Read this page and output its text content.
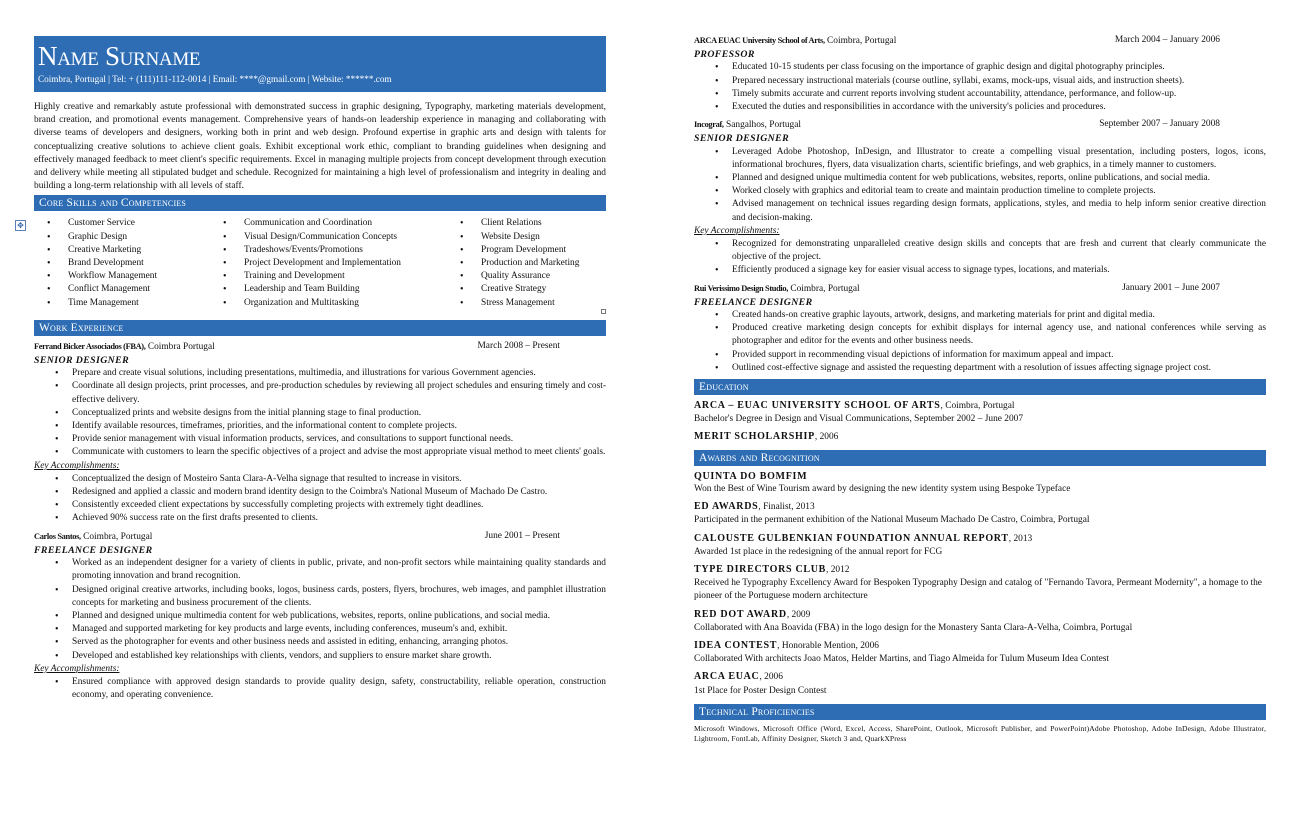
Name Surname
Coimbra, Portugal | Tel: + (111)111-112-0014 | Email: ****@gmail.com | Website: ******.com

Highly creative and remarkably astute professional with demonstrated success in graphic designing, Typography, marketing materials development, brand creation, and promotional events management. Comprehensive years of hands-on leadership experience in managing and collaborating with diverse teams of developers and designers, working both in print and web design. Profound expertise in graphic arts and design with talents for conceptualizing creative solutions to achieve client goals. Exhibit exceptional work ethic, compliant to branding guidelines when designing and effectively managed feedback to meet client's specific requirements. Excel in managing multiple projects from concept development through execution and delivery while meeting all stipulated budget and schedule. Recognized for maintaining a high level of professionalism and integrity in dealing and building a long-term relationship with all levels of staff.

Core Skills and Competencies
✥
•	Customer Service
• Graphic Design
• Creative Marketing
• Brand Development
• Workflow Management
• Conflict Management
• Time Management
• Communication and Coordination
• Visual Design/Communication Concepts
• Tradeshows/Events/Promotions
• Project Development and Implementation
• Training and Development
• Leadership and Team Building
• Organization and Multitasking
• Client Relations
• Website Design
• Program Development
• Production and Marketing
• Quality Assurance
• Creative Strategy
• Stress Management
Work Experience
Ferrand Bicker Associados (FBA), Coimbra Portugal	March 2008 – Present
SENIOR DESIGNER
• Prepare and create visual solutions, including presentations, multimedia, and illustrations for various Government agencies.
• Coordinate all design projects, print processes, and pre-production schedules by reviewing all project schedules and ensuring timely and cost-effective delivery.
• Conceptualized prints and website designs from the initial planning stage to final production.
• Identify available resources, timeframes, priorities, and the informational content to complete projects.
• Provide senior management with visual information products, services, and consultations to support functional needs.
• Communicate with customers to learn the specific objectives of a project and advise the most appropriate visual method to meet clients' goals.
Key Accomplishments:
• Conceptualized the design of Mosteiro Santa Clara-A-Velha signage that resulted to increase in visitors.
• Redesigned and applied a classic and modern brand identity design to the Coimbra's National Museum of Machado De Castro.
• Consistently exceeded client expectations by successfully completing projects with extremely tight deadlines.
• Achieved 90% success rate on the first drafts presented to clients.
Carlos Santos, Coimbra, Portugal	June 2001 – Present
FREELANCE DESIGNER
• Worked as an independent designer for a variety of clients in public, private, and non-profit sectors while maintaining quality standards and promoting innovation and brand recognition.
• Designed original creative artworks, including books, logos, business cards, posters, flyers, brochures, web images, and pamphlet illustration concepts for marketing and business procurement of the clients.
• Planned and designed unique multimedia content for web publications, websites, reports, online publications, and social media.
• Managed and supported marketing for key products and large events, including conferences, museum's and, exhibit.
• Served as the photographer for events and other business needs and assisted in editing, enhancing, arranging photos.
• Developed and established key relationships with clients, vendors, and suppliers to ensure market share growth.
Key Accomplishments:
• Ensured compliance with approved design standards to provide quality design, safety, constructability, reliable operation, construction economy, and operating convenience.
ARCA EUAC University School of Arts, Coimbra, Portugal	March 2004 – January 2006
PROFESSOR
• Educated 10-15 students per class focusing on the importance of graphic design and digital photography principles.
• Prepared necessary instructional materials (course outline, syllabi, exams, mock-ups, visual aids, and instruction sheets).
• Timely submits accurate and current reports involving student accountability, attendance, performance, and follow-up.
• Executed the duties and responsibilities in accordance with the university's policies and procedures.
Incograf, Sangalhos, Portugal	September 2007 – January 2008
SENIOR DESIGNER
• Leveraged Adobe Photoshop, InDesign, and Illustrator to create a compelling visual presentation, including posters, logos, icons, informational brochures, flyers, data visualization charts, scientific briefings, and web graphics, in a timely manner to customers.
• Planned and designed unique multimedia content for web publications, websites, reports, online publications, and social media.
• Worked closely with graphics and editorial team to create and maintain production timeline to complete projects.
• Advised management on technical issues regarding design formats, applications, styles, and media to help inform senior creative direction and decision-making.
Key Accomplishments:
• Recognized for demonstrating unparalleled creative design skills and concepts that are fresh and current that clearly communicate the objective of the project.
• Efficiently produced a signage key for easier visual access to signage types, locations, and materials.
Rui Verissimo Design Studio, Coimbra, Portugal	January 2001 – June 2007
FREELANCE DESIGNER
• Created hands-on creative graphic layouts, artwork, designs, and marketing materials for print and digital media.
• Produced creative marketing design concepts for exhibit displays for internal agency use, and national conferences while serving as photographer and editor for the events and other business needs.
• Provided support in recommending visual depictions of information for maximum appeal and impact.
• Outlined cost-effective signage and assisted the requesting department with a resolution of issues affecting signage project cost.
Education
ARCA – EUAC UNIVERSITY SCHOOL OF ARTS, Coimbra, Portugal
Bachelor's Degree in Design and Visual Communications, September 2002 – June 2007
MERIT SCHOLARSHIP, 2006
Awards and Recognition
QUINTA DO BOMFIM
Won the Best of Wine Tourism award by designing the new identity system using Bespoke Typeface
ED AWARDS, Finalist, 2013
Participated in the permanent exhibition of the National Museum Machado De Castro, Coimbra, Portugal
CALOUSTE GULBENKIAN FOUNDATION ANNUAL REPORT, 2013
Awarded 1st place in the redesigning of the annual report for FCG
TYPE DIRECTORS CLUB, 2012
Received he Typography Excellency Award for Bespoken Typography Design and catalog of "Fernando Tavora, Permeant Modernity", a homage to the pioneer of the Portuguese modern architecture
RED DOT AWARD, 2009
Collaborated with Ana Boavida (FBA) in the logo design for the Monastery Santa Clara-A-Velha, Coimbra, Portugal
IDEA CONTEST, Honorable Mention, 2006
Collaborated With architects Joao Matos, Helder Martins, and Tiago Almeida for Tulum Museum Idea Contest
ARCA EUAC, 2006
1st Place for Poster Design Contest
Technical Proficiencies

Microsoft Windows, Microsoft Office (Word, Excel, Access, SharePoint, Outlook, Microsoft Publisher, and PowerPoint)Adobe Photoshop, Adobe InDesign, Adobe Illustrator, Lightroom, FontLab, Affinity Designer, Sketch 3 and, QuarkXPress
